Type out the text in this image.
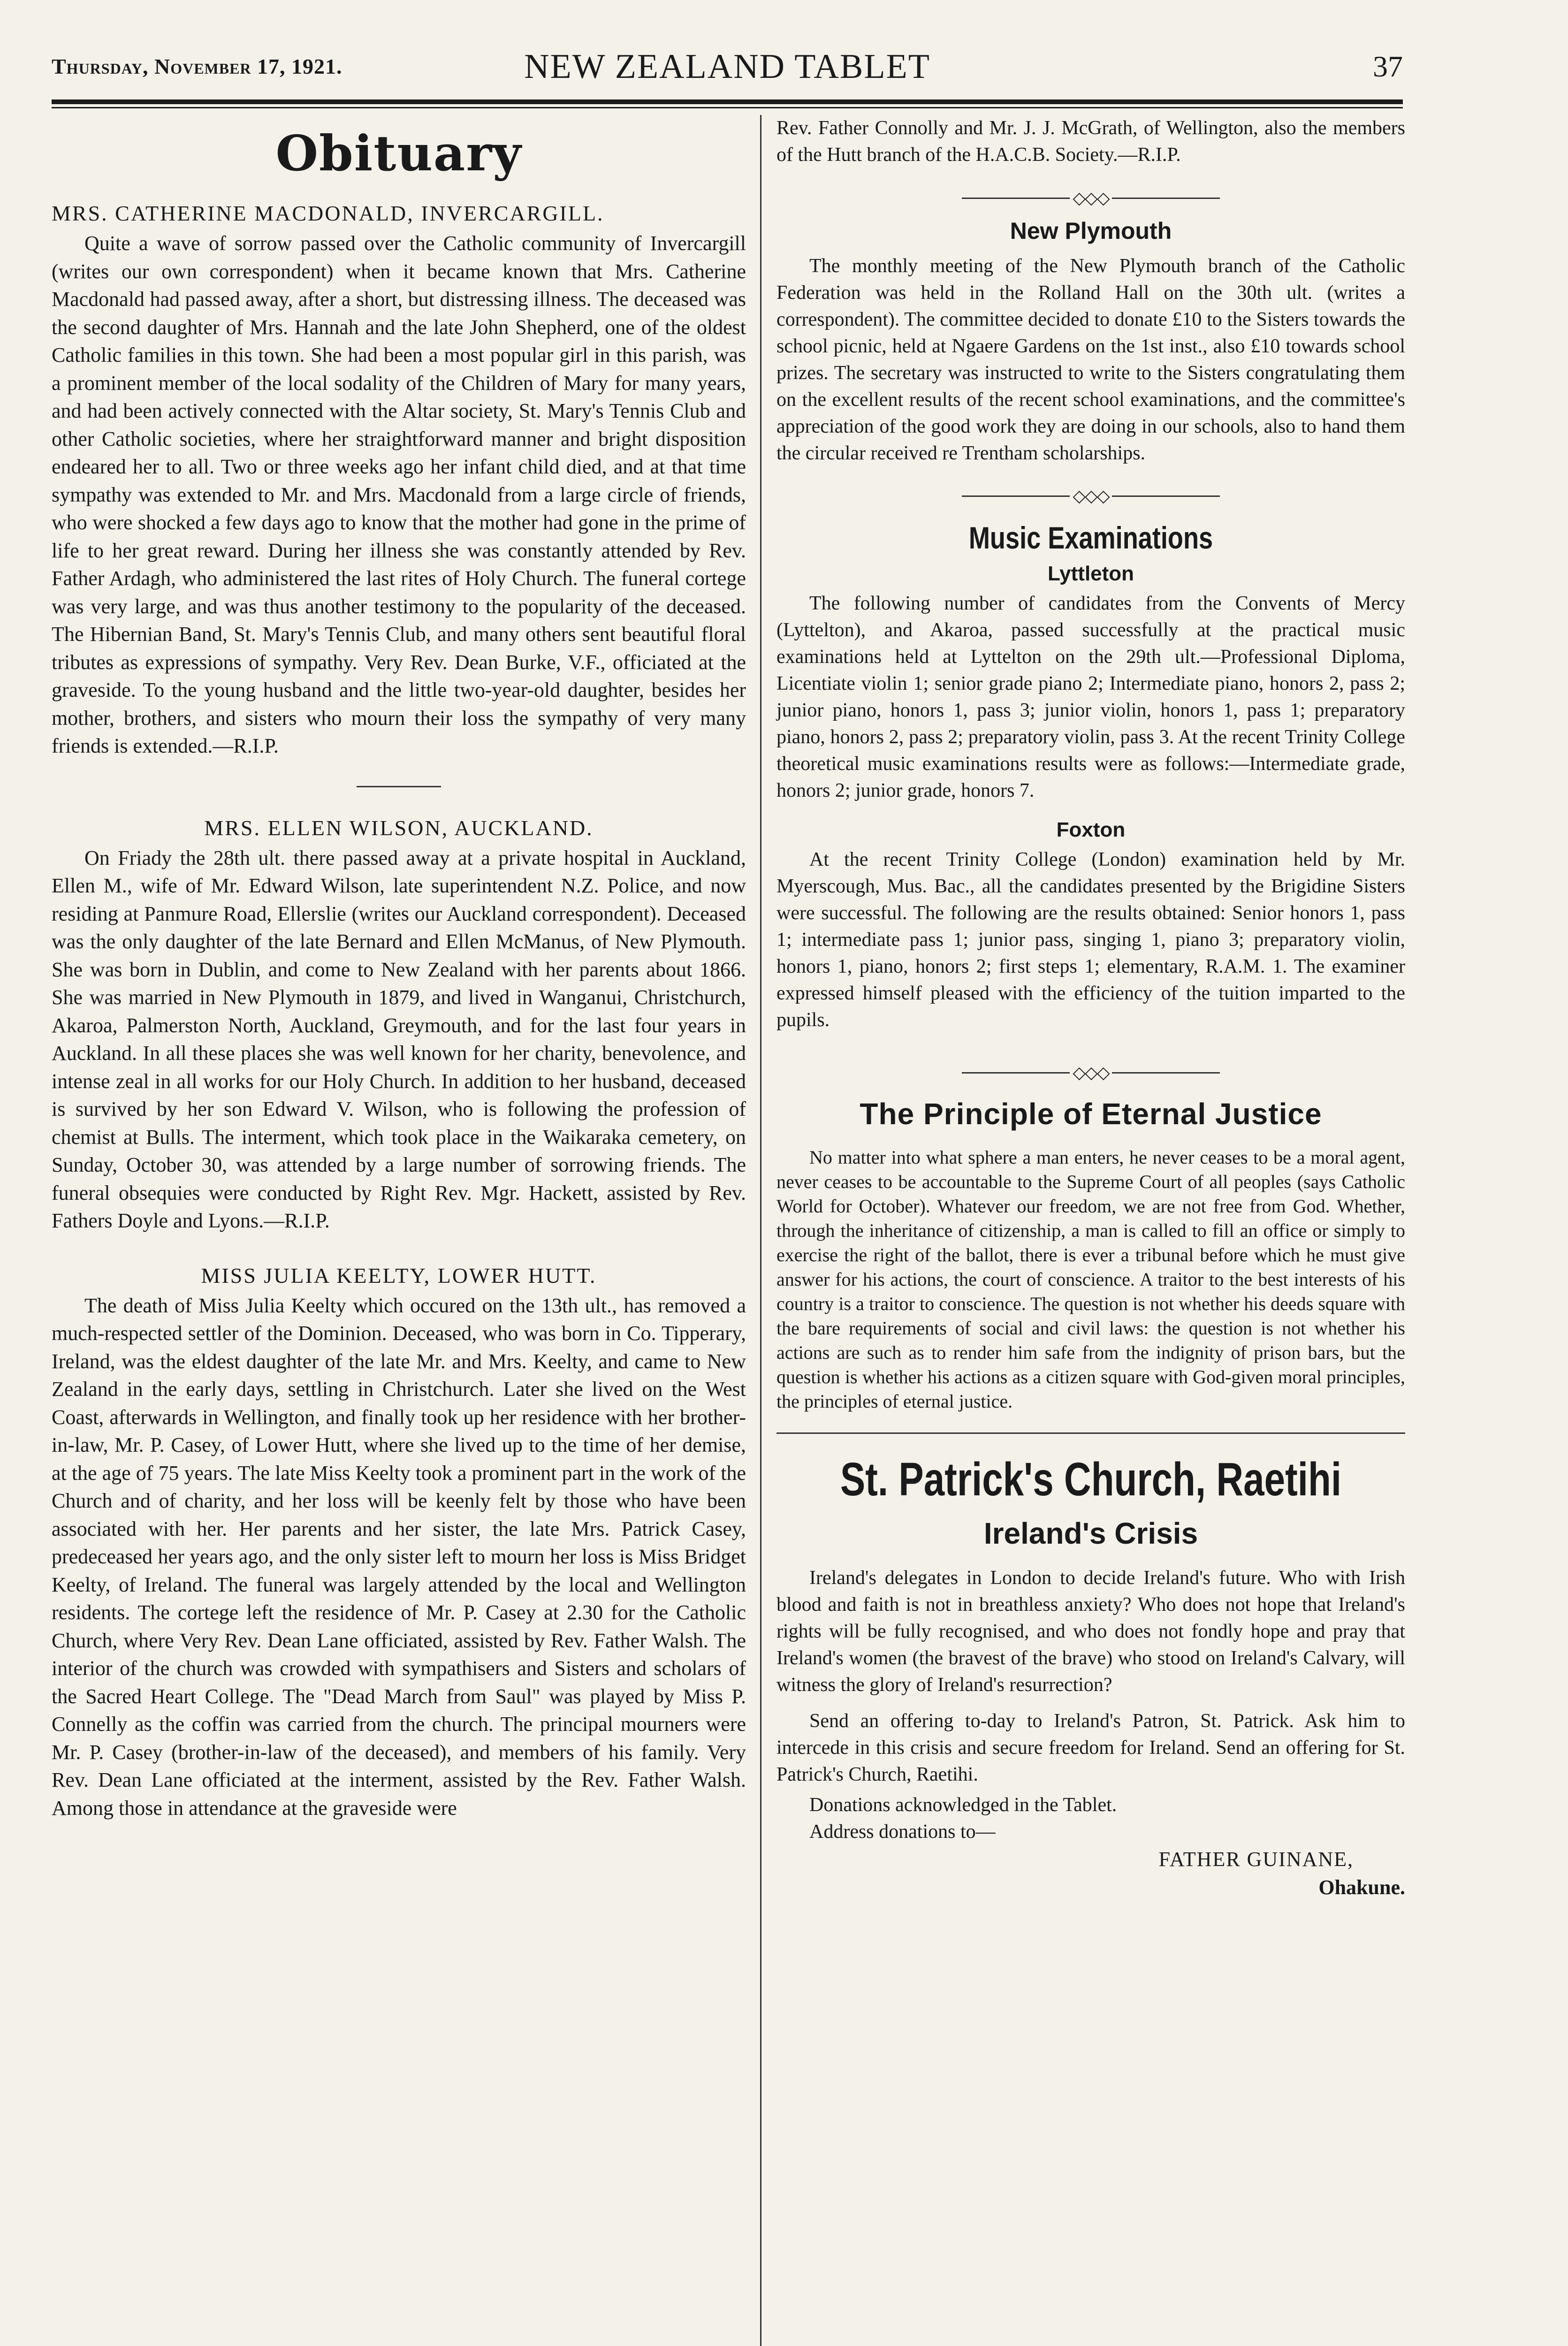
Thursday, November 17, 1921.	NEW ZEALAND TABLET	37
Obituary
MRS. CATHERINE MACDONALD, INVERCARGILL.

Quite a wave of sorrow passed over the Catholic community of Invercargill (writes our own correspondent) when it became known that Mrs. Catherine Macdonald had passed away, after a short, but distressing illness. The deceased was the second daughter of Mrs. Hannah and the late John Shepherd, one of the oldest Catholic families in this town. She had been a most popular girl in this parish, was a prominent member of the local sodality of the Children of Mary for many years, and had been actively connected with the Altar society, St. Mary's Tennis Club and other Catholic societies, where her straightforward manner and bright disposition endeared her to all. Two or three weeks ago her infant child died, and at that time sympathy was extended to Mr. and Mrs. Macdonald from a large circle of friends, who were shocked a few days ago to know that the mother had gone in the prime of life to her great reward. During her illness she was constantly attended by Rev. Father Ardagh, who administered the last rites of Holy Church. The funeral cortege was very large, and was thus another testimony to the popularity of the deceased. The Hibernian Band, St. Mary's Tennis Club, and many others sent beautiful floral tributes as expressions of sympathy. Very Rev. Dean Burke, V.F., officiated at the graveside. To the young husband and the little two-year-old daughter, besides her mother, brothers, and sisters who mourn their loss the sympathy of very many friends is extended.—R.I.P.

MRS. ELLEN WILSON, AUCKLAND.

On Friady the 28th ult. there passed away at a private hospital in Auckland, Ellen M., wife of Mr. Edward Wilson, late superintendent N.Z. Police, and now residing at Panmure Road, Ellerslie (writes our Auckland correspondent). Deceased was the only daughter of the late Bernard and Ellen McManus, of New Plymouth. She was born in Dublin, and come to New Zealand with her parents about 1866. She was married in New Plymouth in 1879, and lived in Wanganui, Christchurch, Akaroa, Palmerston North, Auckland, Greymouth, and for the last four years in Auckland. In all these places she was well known for her charity, benevolence, and intense zeal in all works for our Holy Church. In addition to her husband, deceased is survived by her son Edward V. Wilson, who is following the profession of chemist at Bulls. The interment, which took place in the Waikaraka cemetery, on Sunday, October 30, was attended by a large number of sorrowing friends. The funeral obsequies were conducted by Right Rev. Mgr. Hackett, assisted by Rev. Fathers Doyle and Lyons.—R.I.P.

MISS JULIA KEELTY, LOWER HUTT.

The death of Miss Julia Keelty which occured on the 13th ult., has removed a much-respected settler of the Dominion. Deceased, who was born in Co. Tipperary, Ireland, was the eldest daughter of the late Mr. and Mrs. Keelty, and came to New Zealand in the early days, settling in Christchurch. Later she lived on the West Coast, afterwards in Wellington, and finally took up her residence with her brother-in-law, Mr. P. Casey, of Lower Hutt, where she lived up to the time of her demise, at the age of 75 years. The late Miss Keelty took a prominent part in the work of the Church and of charity, and her loss will be keenly felt by those who have been associated with her. Her parents and her sister, the late Mrs. Patrick Casey, predeceased her years ago, and the only sister left to mourn her loss is Miss Bridget Keelty, of Ireland. The funeral was largely attended by the local and Wellington residents. The cortege left the residence of Mr. P. Casey at 2.30 for the Catholic Church, where Very Rev. Dean Lane officiated, assisted by Rev. Father Walsh. The interior of the church was crowded with sympathisers and Sisters and scholars of the Sacred Heart College. The "Dead March from Saul" was played by Miss P. Connelly as the coffin was carried from the church. The principal mourners were Mr. P. Casey (brother-in-law of the deceased), and members of his family. Very Rev. Dean Lane officiated at the interment, assisted by the Rev. Father Walsh. Among those in attendance at the graveside were

Rev. Father Connolly and Mr. J. J. McGrath, of Wellington, also the members of the Hutt branch of the H.A.C.B. Society.—R.I.P.

◇◇◇
New Plymouth

The monthly meeting of the New Plymouth branch of the Catholic Federation was held in the Rolland Hall on the 30th ult. (writes a correspondent). The committee decided to donate £10 to the Sisters towards the school picnic, held at Ngaere Gardens on the 1st inst., also £10 towards school prizes. The secretary was instructed to write to the Sisters congratulating them on the excellent results of the recent school examinations, and the committee's appreciation of the good work they are doing in our schools, also to hand them the circular received re Trentham scholarships.

◇◇◇
Music Examinations
Lyttleton

The following number of candidates from the Convents of Mercy (Lyttelton), and Akaroa, passed successfully at the practical music examinations held at Lyttelton on the 29th ult.—Professional Diploma, Licentiate violin 1; senior grade piano 2; Intermediate piano, honors 2, pass 2; junior piano, honors 1, pass 3; junior violin, honors 1, pass 1; preparatory piano, honors 2, pass 2; preparatory violin, pass 3. At the recent Trinity College theoretical music examinations results were as follows:—Intermediate grade, honors 2; junior grade, honors 7.

Foxton

At the recent Trinity College (London) examination held by Mr. Myerscough, Mus. Bac., all the candidates presented by the Brigidine Sisters were successful. The following are the results obtained: Senior honors 1, pass 1; intermediate pass 1; junior pass, singing 1, piano 3; preparatory violin, honors 1, piano, honors 2; first steps 1; elementary, R.A.M. 1. The examiner expressed himself pleased with the efficiency of the tuition imparted to the pupils.

◇◇◇
The Principle of Eternal Justice

No matter into what sphere a man enters, he never ceases to be a moral agent, never ceases to be accountable to the Supreme Court of all peoples (says Catholic World for October). Whatever our freedom, we are not free from God. Whether, through the inheritance of citizenship, a man is called to fill an office or simply to exercise the right of the ballot, there is ever a tribunal before which he must give answer for his actions, the court of conscience. A traitor to the best interests of his country is a traitor to conscience. The question is not whether his deeds square with the bare requirements of social and civil laws: the question is not whether his actions are such as to render him safe from the indignity of prison bars, but the question is whether his actions as a citizen square with God-given moral principles, the principles of eternal justice.

St. Patrick's Church, Raetihi
Ireland's Crisis

Ireland's delegates in London to decide Ireland's future. Who with Irish blood and faith is not in breathless anxiety? Who does not hope that Ireland's rights will be fully recognised, and who does not fondly hope and pray that Ireland's women (the bravest of the brave) who stood on Ireland's Calvary, will witness the glory of Ireland's resurrection?

Send an offering to-day to Ireland's Patron, St. Patrick. Ask him to intercede in this crisis and secure freedom for Ireland. Send an offering for St. Patrick's Church, Raetihi.

Donations acknowledged in the Tablet.

Address donations to—

FATHER GUINANE,
Ohakune.
